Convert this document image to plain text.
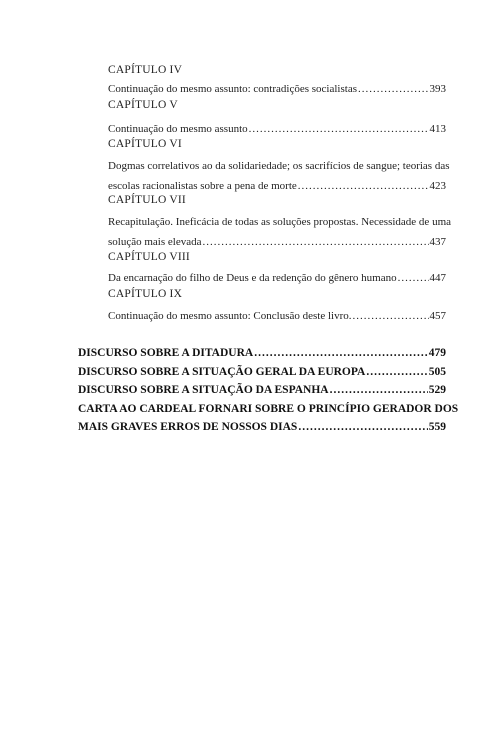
CAPÍTULO IV
Continuação do mesmo assunto: contradições socialistas .....	393
CAPÍTULO V
Continuação do mesmo assunto .....	413
CAPÍTULO VI
Dogmas correlativos ao da solidariedade; os sacrifícios de sangue; teorias das
escolas racionalistas sobre a pena de morte .....	423
CAPÍTULO VII
Recapitulação. Ineficácia de todas as soluções propostas. Necessidade de uma
solução mais elevada .....	437
CAPÍTULO VIII
Da encarnação do filho de Deus e da redenção do gênero humano .....	447
CAPÍTULO IX
Continuação do mesmo assunto: Conclusão deste livro. .....	457
DISCURSO SOBRE A DITADURA .....	479
DISCURSO SOBRE A SITUAÇÃO GERAL DA EUROPA .....	505
DISCURSO SOBRE A SITUAÇÃO DA ESPANHA .....	529
CARTA AO CARDEAL FORNARI SOBRE O PRINCÍPIO GERADOR DOS
MAIS GRAVES ERROS DE NOSSOS DIAS .....	559
